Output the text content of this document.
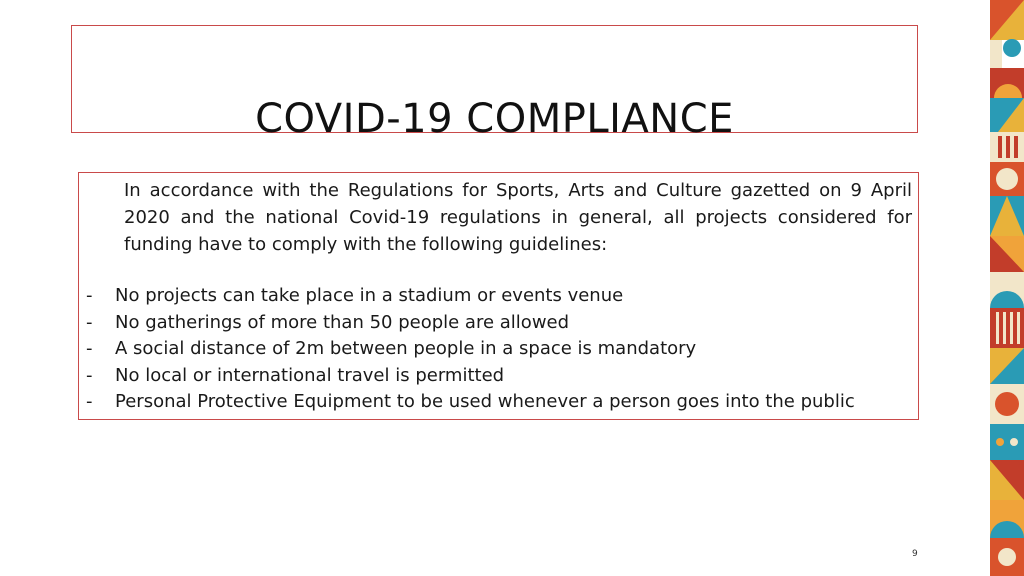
COVID-19 COMPLIANCE

In accordance with the Regulations for Sports, Arts and Culture gazetted on 9 April 2020 and the national Covid-19 regulations in general, all projects considered for funding have to comply with the following guidelines:

-	No projects can take place in a stadium or events venue
-	No gatherings of more than 50 people are allowed
-	A social distance of 2m between people in a space is mandatory
-	No local or international travel is permitted
-	Personal Protective Equipment to be used whenever a person goes into the public
9
